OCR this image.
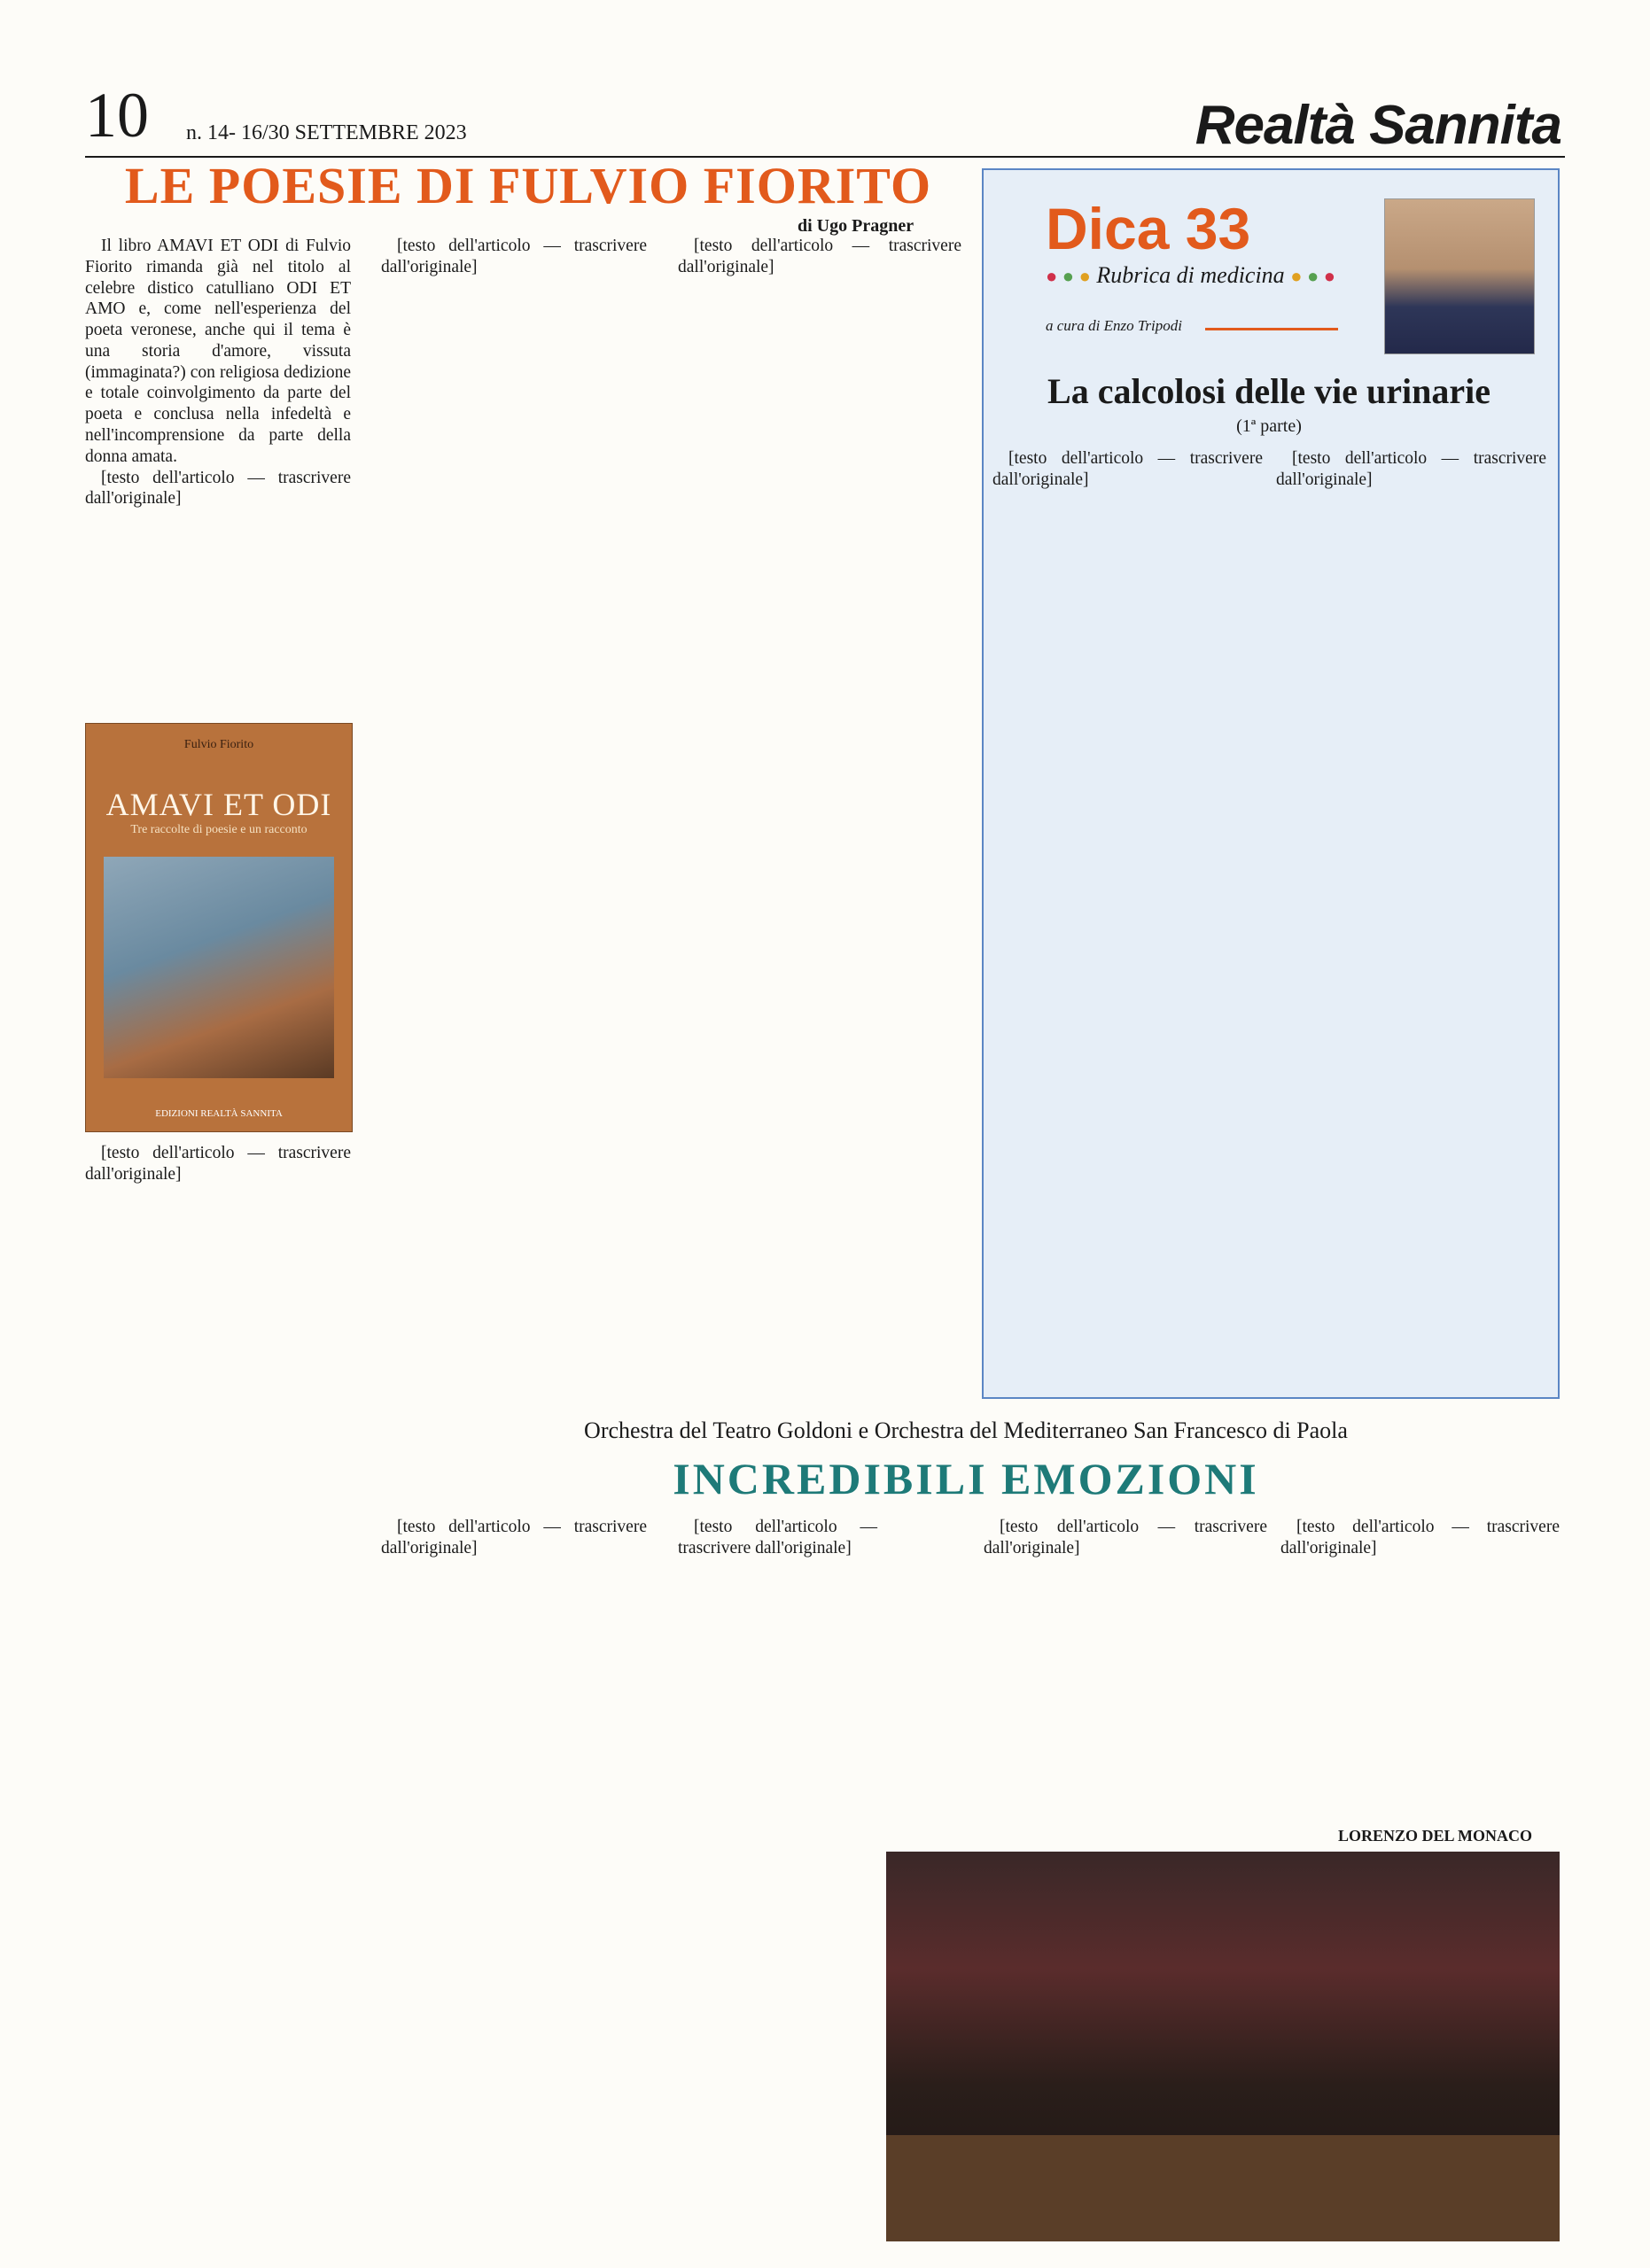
10 n. 14- 16/30 SETTEMBRE 2023	Realtà Sannita
LE POESIE DI FULVIO FIORITO
di Ugo Pragner

Il libro AMAVI ET ODI di Fulvio Fiorito rimanda già nel titolo al celebre distico catulliano ODI ET AMO e, come nell'esperienza del poeta veronese, anche qui il tema è una storia d'amore, vissuta (immaginata?) con religiosa dedizione e totale coinvolgimento da parte del poeta e conclusa nella infedeltà e nell'incomprensione da parte della donna amata.

[testo dell'articolo — trascrivere dall'originale]

Fulvio Fiorito
AMAVI ET ODI
Tre raccolte di poesie e un racconto
EDIZIONI REALTÀ SANNITA

[testo dell'articolo — trascrivere dall'originale]

[testo dell'articolo — trascrivere dall'originale]

[testo dell'articolo — trascrivere dall'originale]

Dica 33
● ● ● Rubrica di medicina ● ● ●
a cura di Enzo Tripodi
La calcolosi delle vie urinarie
(1ª parte)

[testo dell'articolo — trascrivere dall'originale]

[testo dell'articolo — trascrivere dall'originale]

Orchestra del Teatro Goldoni e Orchestra del Mediterraneo San Francesco di Paola
INCREDIBILI EMOZIONI

[testo dell'articolo — trascrivere dall'originale]

[testo dell'articolo — trascrivere dall'originale]

[testo dell'articolo — trascrivere dall'originale]

[testo dell'articolo — trascrivere dall'originale]

LORENZO DEL MONACO
